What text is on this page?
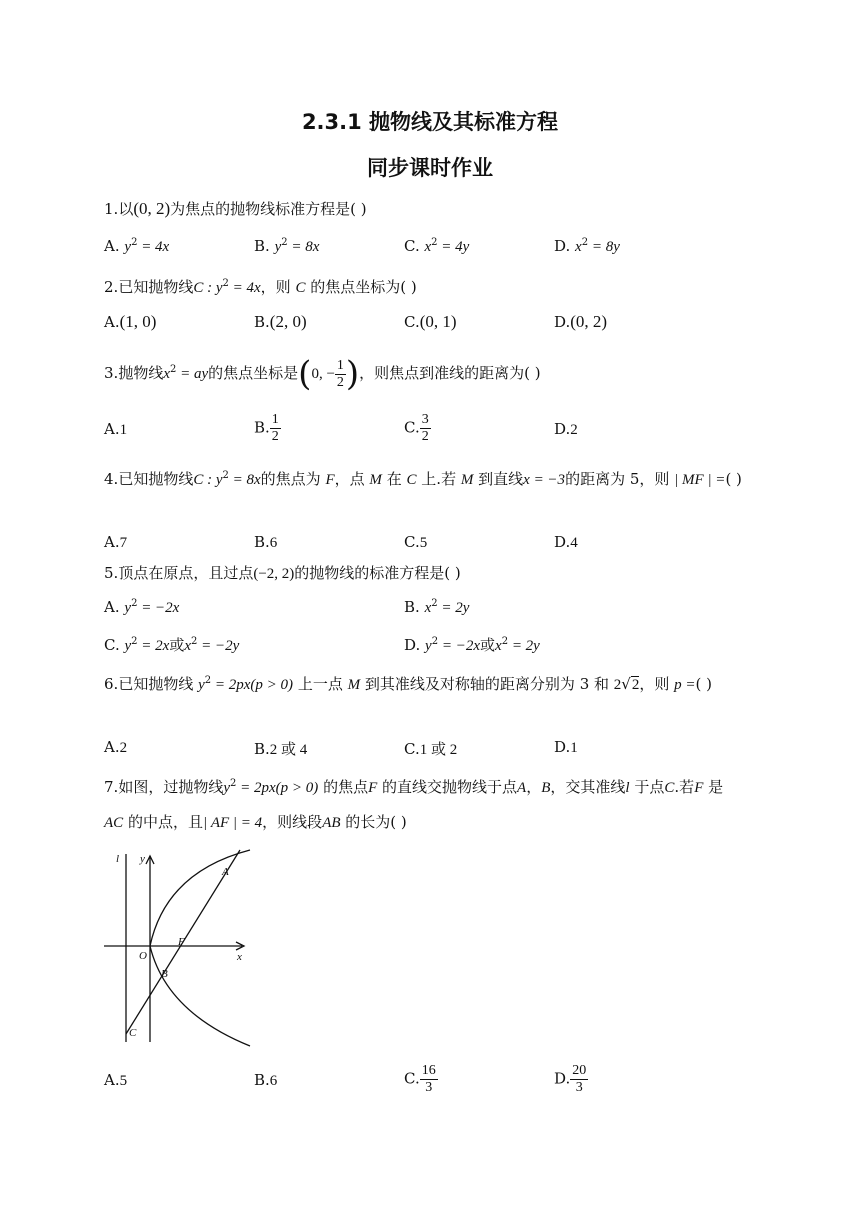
2.3.1 抛物线及其标准方程
同步课时作业
1.以(0, 2)为焦点的抛物线标准方程是( )
A. $y^2 = 4x$	B. $y^2 = 8x$	C. $x^2 = 4y$	D. $x^2 = 8y$
2.已知抛物线C : $y^2 = 4x$，则 C 的焦点坐标为( )
A.(1, 0)	B.(2, 0)	C.(0, 1)	D.(0, 2)
3.抛物线$x^2$ = ay的焦点坐标是(0, − $\frac{1}{2}$ )，则焦点到准线的距离为( )
A.1	B. $\frac{1}{2}$	C. $\frac{3}{2}$	D.2
4.已知抛物线C : $y^2 = 8x$的焦点为 F，点 M 在 C 上.若 M 到直线x = −3的距离为 5，则 | MF | =( )
A.7	B.6	C.5	D.4
5.顶点在原点，且过点(−2, 2)的抛物线的标准方程是( )
A. $y^2 = -2x$	B. $x^2 = 2y$
C. $y^2 = 2x$或$x^2 = -2y$	D. $y^2 = -2x$或$x^2 = 2y$
6.已知抛物线 $y^2 = 2px(p > 0)$ 上一点 M 到其准线及对称轴的距离分别为 3 和 2√2，则 p =( )
A.2	B.2 或 4	C.1 或 2	D.1
7.如图，过抛物线$y^2 = 2px(p > 0)$ 的焦点F 的直线交抛物线于点A，B，交其准线l 于点C.若F 是 AC 的中点，且| AF | = 4，则线段AB 的长为( )
l y
x
O
F
A
B
C
A.5	B.6	C. $\frac{16}{3}$	D. $\frac{20}{3}$
